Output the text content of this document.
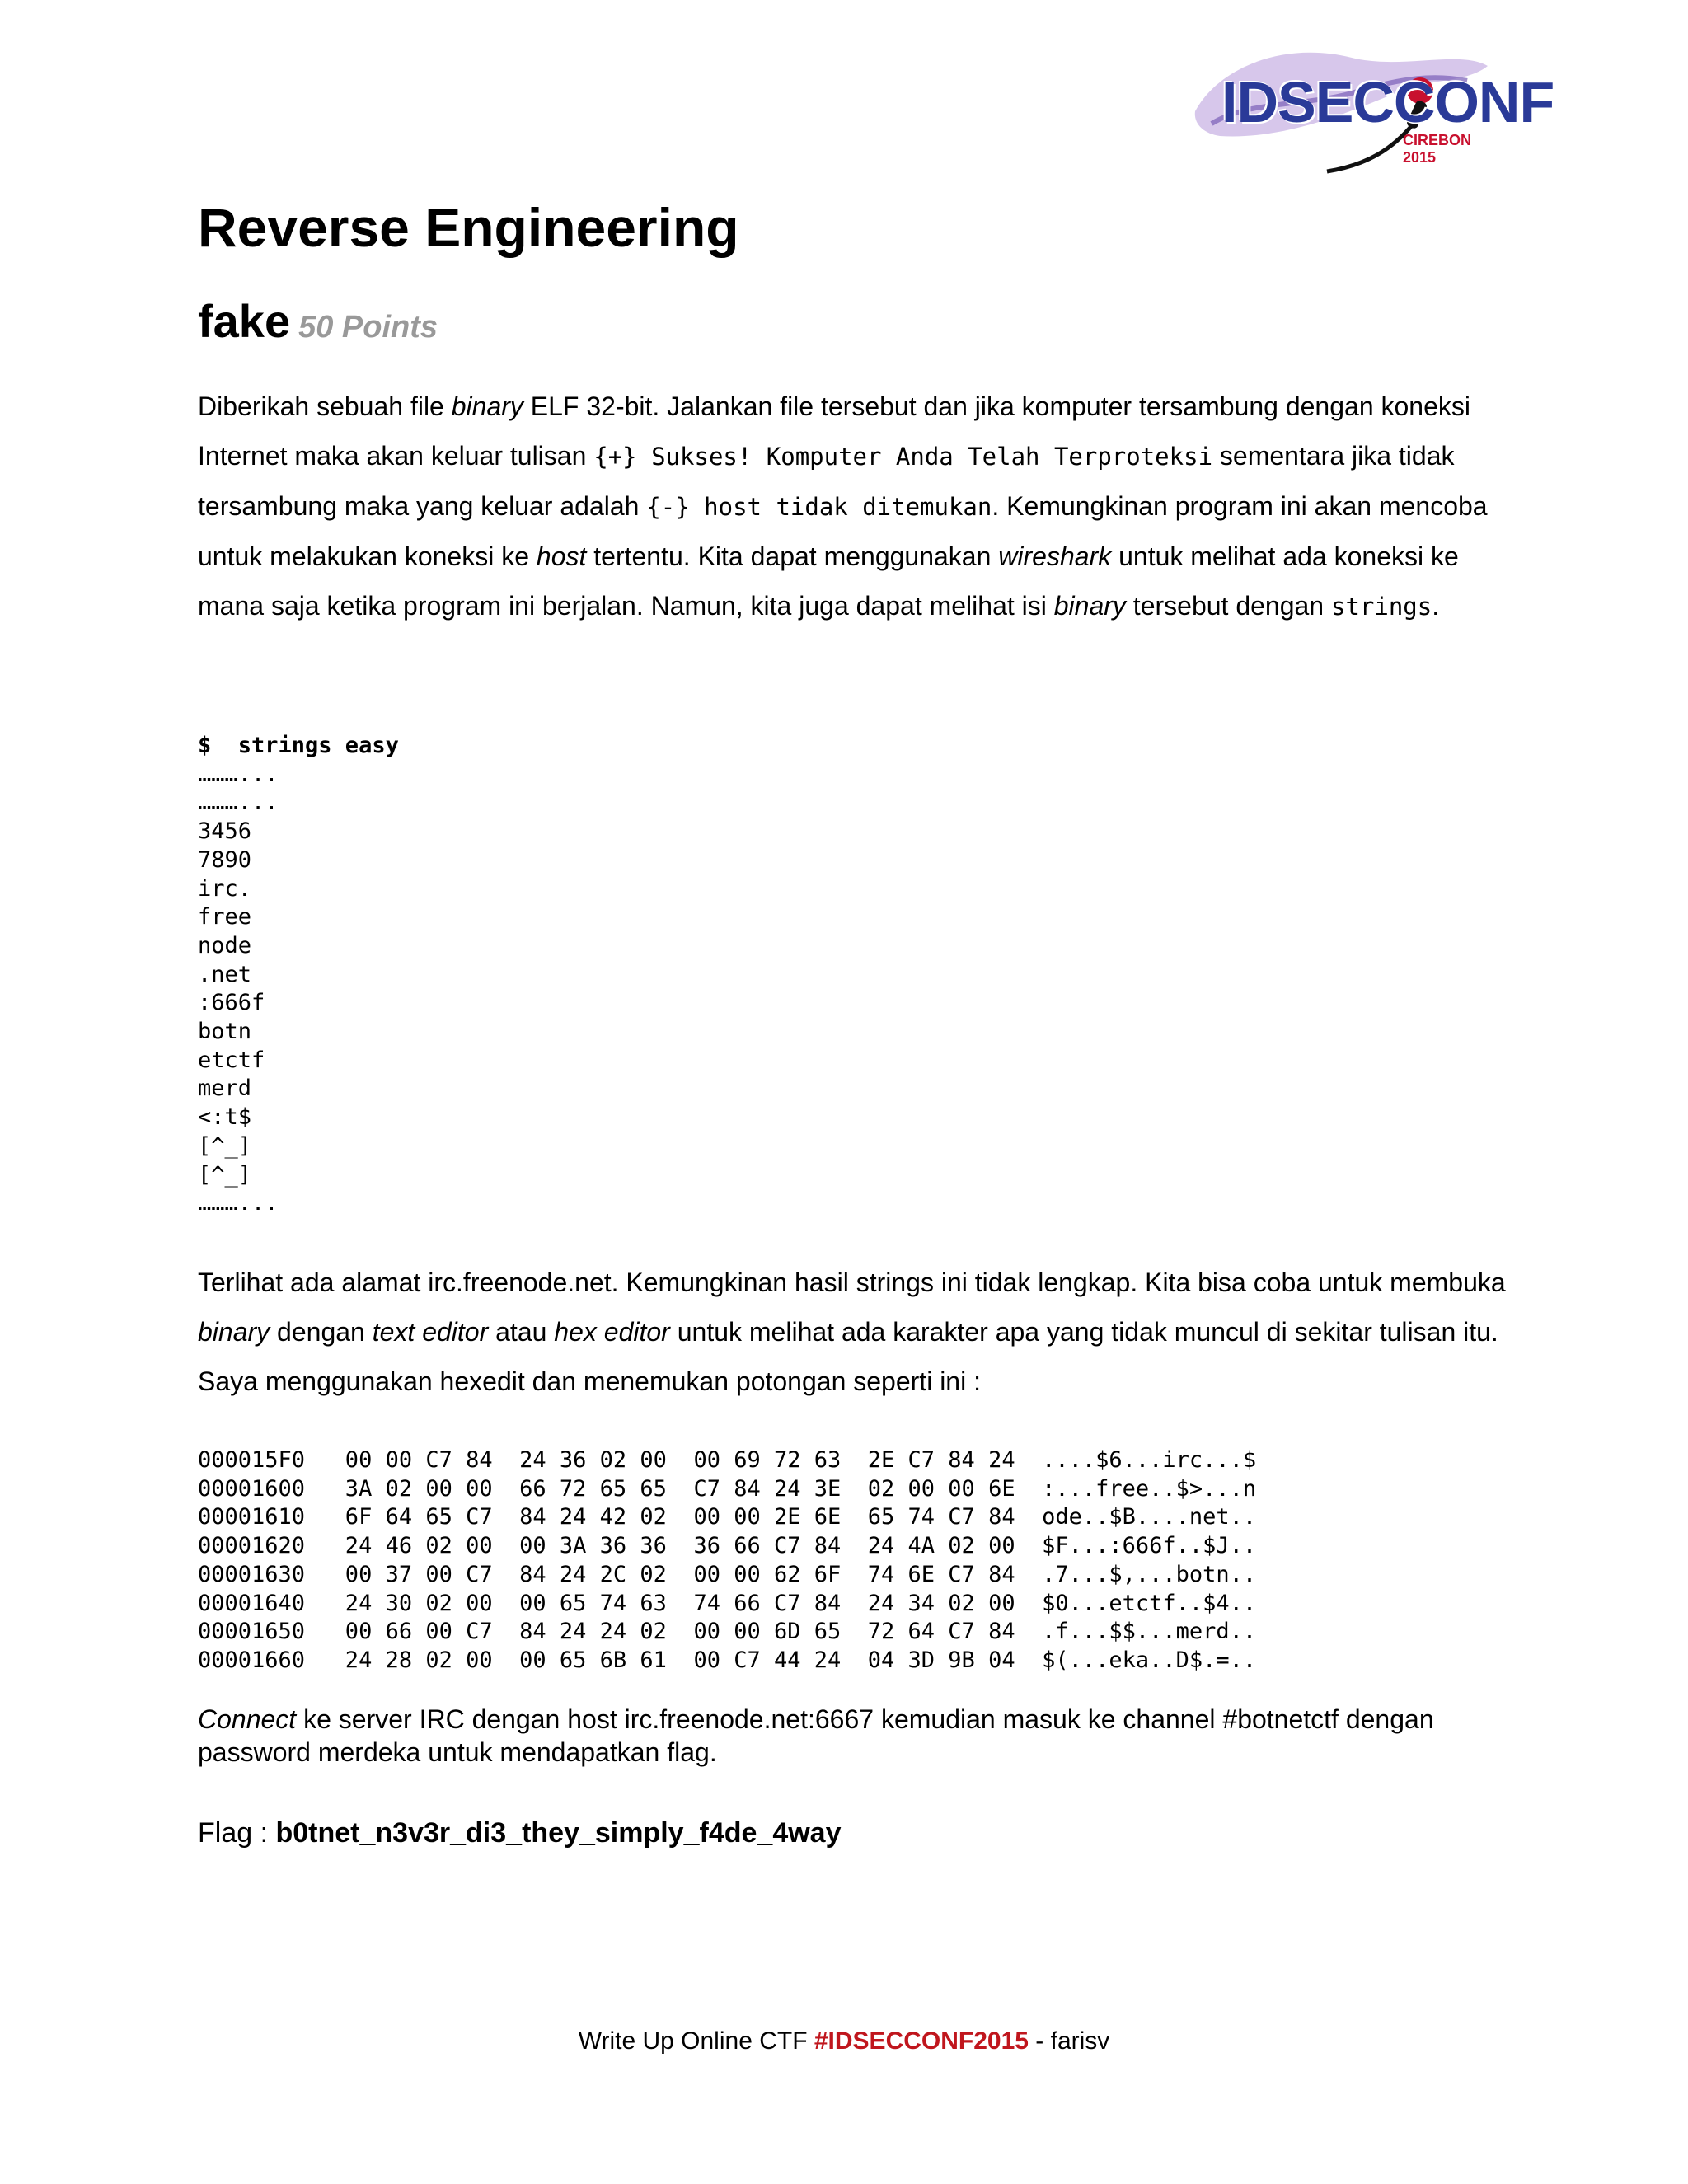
IDSECCONF
CIREBON 2015
Reverse Engineering
fake 50 Points

Diberikah sebuah file binary ELF 32-bit. Jalankan file tersebut dan jika komputer tersambung dengan koneksi Internet maka akan keluar tulisan {+} Sukses! Komputer Anda Telah Terproteksi sementara jika tidak tersambung maka yang keluar adalah {-} host tidak ditemukan. Kemungkinan program ini akan mencoba untuk melakukan koneksi ke host tertentu. Kita dapat menggunakan wireshark untuk melihat ada koneksi ke mana saja ketika program ini berjalan. Namun, kita juga dapat melihat isi binary tersebut dengan strings.

$  strings easy
………...
………...
3456
7890
irc.
free
node
.net
:666f
botn
etctf
merd
<:t$
[^_]
[^_]
………...

Terlihat ada alamat irc.freenode.net. Kemungkinan hasil strings ini tidak lengkap. Kita bisa coba untuk membuka binary dengan text editor atau hex editor untuk melihat ada karakter apa yang tidak muncul di sekitar tulisan itu. Saya menggunakan hexedit dan menemukan potongan seperti ini :

000015F0   00 00 C7 84  24 36 02 00  00 69 72 63  2E C7 84 24  ....$6...irc...$
00001600   3A 02 00 00  66 72 65 65  C7 84 24 3E  02 00 00 6E  :...free..$>...n
00001610   6F 64 65 C7  84 24 42 02  00 00 2E 6E  65 74 C7 84  ode..$B....net..
00001620   24 46 02 00  00 3A 36 36  36 66 C7 84  24 4A 02 00  $F...:666f..$J..
00001630   00 37 00 C7  84 24 2C 02  00 00 62 6F  74 6E C7 84  .7...$,...botn..
00001640   24 30 02 00  00 65 74 63  74 66 C7 84  24 34 02 00  $0...etctf..$4..
00001650   00 66 00 C7  84 24 24 02  00 00 6D 65  72 64 C7 84  .f...$$...merd..
00001660   24 28 02 00  00 65 6B 61  00 C7 44 24  04 3D 9B 04  $(...eka..D$.=..

Connect ke server IRC dengan host irc.freenode.net:6667 kemudian masuk ke channel #botnetctf dengan password merdeka untuk mendapatkan flag.

Flag : b0tnet_n3v3r_di3_they_simply_f4de_4way

Write Up Online CTF #IDSECCONF2015 - farisv
